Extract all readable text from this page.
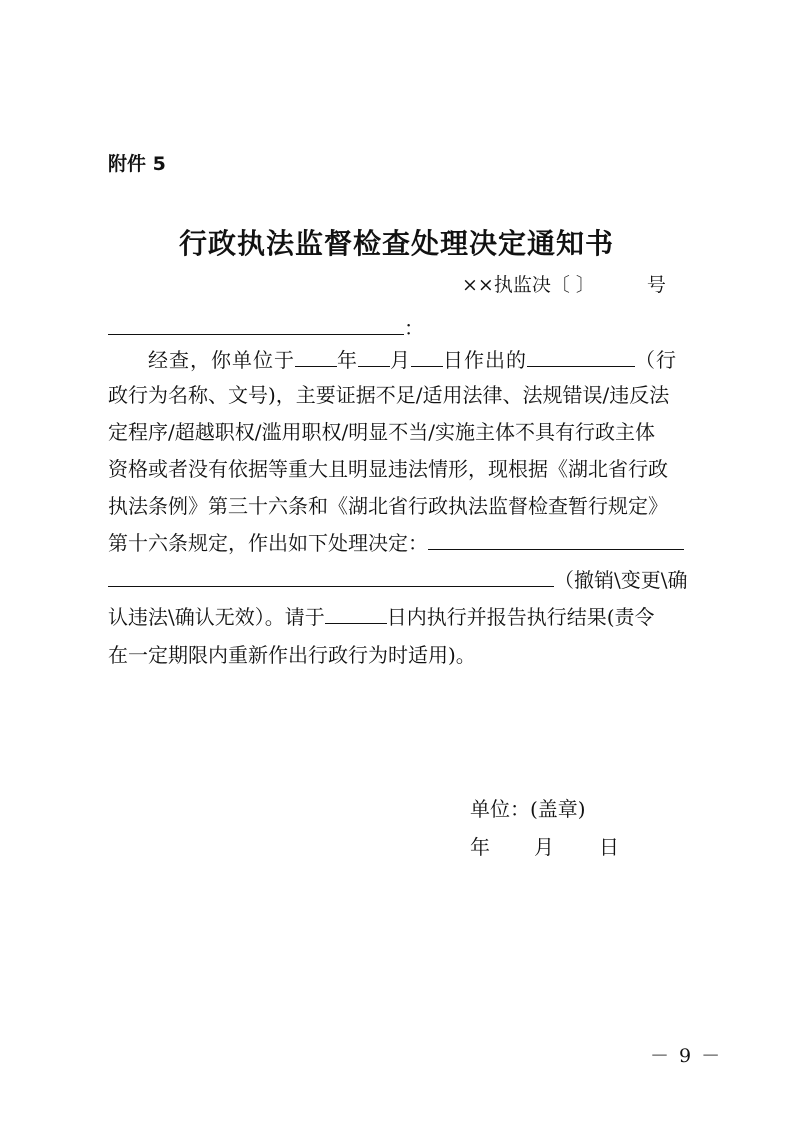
附件 5
行政执法监督检查处理决定通知书
××执监决〔 〕	号
：
经查，你单位于 年 月 日作出的	（行
政行为名称、文号)，主要证据不足/适用法律、法规错误/违反法
定程序/超越职权/滥用职权/明显不当/实施主体不具有行政主体
资格或者没有依据等重大且明显违法情形，现根据《湖北省行政
执法条例》第三十六条和《湖北省行政执法监督检查暂行规定》
第十六条规定，作出如下处理决定：
（撤销\变更\确
认违法\确认无效）。请于	日内执行并报告执行结果(责令
在一定期限内重新作出行政行为时适用)。
单位：(盖章)
年 月 日
－ 9 －
